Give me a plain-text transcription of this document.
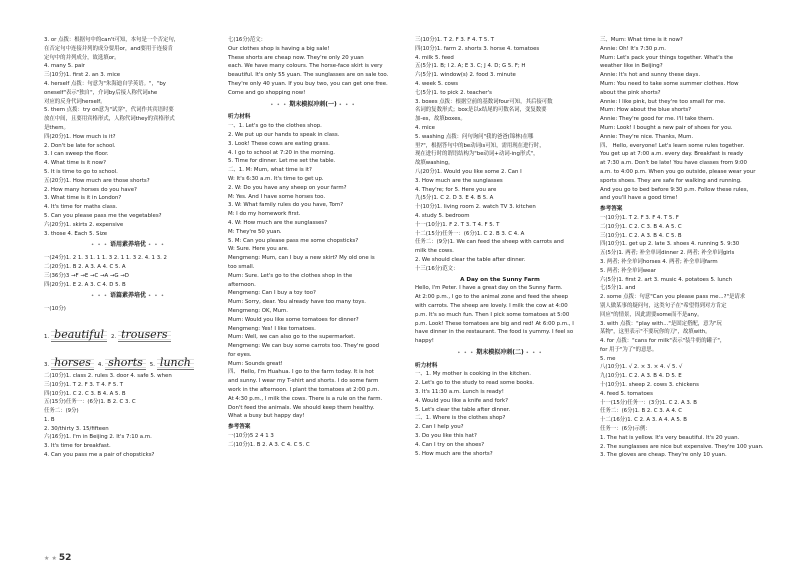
3. or 点拨：根据句中的can't可知，本句是一个否定句，
在否定句中连接并列的成分要用or，and要用于连接肯
定句中的并列成分，故选填or。
4. many 5. pair
三(10分)1. first 2. an 3. mice
4. herself 点拨：句意为"朱海迪自学英语。"，"by
oneself"表示"独自"，介词by后接人称代词she
对应的反身代词herself。
5. them 点拨：try on意为"试穿"，代词作其宾语时要
放在中间，且要用宾格形式，人称代词they的宾格形式
是them。
四(20分)1. How much is it?
2. Don't be late for school.
3. I can sweep the floor.
4. What time is it now?
5. It is time to go to school.
五(20分)1. How much are those shorts?
2. How many horses do you have?
3. What time is it in London?
4. It's time for maths class.
5. Can you please pass me the vegetables?
六(20分)1. skirts 2. expensive
3. those 4. Each 5. Size
• • • 语用素养培优 • • •
一(24分)1. 2 1. 3 1. 1 1. 3 2. 1 1. 3 2. 4. 1 3. 2
二(20分)1. B 2. A 3. A 4. C 5. A
三(36分)3 →F →E →C →A →G →D
四(20分)1. E 2. A 3. C 4. D 5. B
• • • 语篇素养培优 • • •
一(10分)
1. beautiful	2. trousers
3. horses	4. shorts	5. lunch
二(10分)1. class 2. rules 3. door 4. safe 5. when
三(10分)1. T 2. F 3. T 4. F 5. T
四(10分)1. C 2. C 3. B 4. A 5. B
五(15分)任务一：(6分)1. B 2. C 3. C
任务二：(9分)
1. B
2. 30/thirty 3. 15/fifteen
六(16分)1. I'm in Beijing 2. It's 7:10 a.m.
3. It's time for breakfast.
4. Can you pass me a pair of chopsticks?
七(16分)范文：
Our clothes shop is having a big sale!
These shorts are cheap now. They're only 20 yuan
each. We have many colours. The horse-face skirt is very
beautiful. It's only 55 yuan. The sunglasses are on sale too.
They're only 40 yuan. If you buy two, you can get one free.
Come and go shopping now!
• • • 期末模拟冲刺(一) • • •
听力材料
一、1. Let's go to the clothes shop.
2. We put up our hands to speak in class.
3. Look! These cows are eating grass.
4. I go to school at 7:20 in the morning.
5. Time for dinner. Let me set the table.
二、1. M: Mum, what time is it?
W: It's 6:30 a.m. It's time to get up.
2. W: Do you have any sheep on your farm?
M: Yes. And I have some horses too.
3. W: What family rules do you have, Tom?
M: I do my homework first.
4. W: How much are the sunglasses?
M: They're 50 yuan.
5. M: Can you please pass me some chopsticks?
W: Sure. Here you are.
Mengmeng: Mum, can I buy a new skirt? My old one is
too small.
Mum: Sure. Let's go to the clothes shop in the
afternoon.
Mengmeng: Can I buy a toy too?
Mum: Sorry, dear. You already have too many toys.
Mengmeng: OK, Mum.
Mum: Would you like some tomatoes for dinner?
Mengmeng: Yes! I like tomatoes.
Mum: Well, we can also go to the supermarket.
Mengmeng: We can buy some carrots too. They're good
for eyes.
Mum: Sounds great!
四、 Hello, I'm Huahua. I go to the farm today. It is hot
and sunny. I wear my T-shirt and shorts. I do some farm
work in the afternoon. I plant the tomatoes at 2:00 p.m.
At 4:30 p.m., I milk the cows. There is a rule on the farm.
Don't feed the animals. We should keep them healthy.
What a busy but happy day!
参考答案
一(10分)5 2 4 1 3
二(10分)1. B 2. A 3. C 4. C 5. C
三(10分)1. T 2. F 3. F 4. T 5. T
四(10分)1. farm 2. shorts 3. horse 4. tomatoes
4. milk 5. feed
五(5分)1. B; I 2. A; E 3. C; J 4. D; G 5. F; H
六(5分)1. window(s) 2. food 3. minute
4. week 5. cows
七(5分)1. to pick 2. teacher's
3. boxes 点拨：根据空前的基数词four可知，其后接可数
名词的复数形式；box是以x结尾的可数名词，变复数要
加-es，故填boxes。
4. mice
5. washing 点拨：问句询问"我的爸爸(锦林)在哪
里?"，根据答句中的be动词is可知，需用现在进行时，
现在进行时的谓语结构为"be动词+动词-ing形式"，
故填washing。
八(20分)1. Would you like some 2. Can I
3. How much are the sunglasses
4. They're; for 5. Here you are
九(5分)1. C 2. D 3. E 4. B 5. A
十(10分)1. living room 2. watch TV 3. kitchen
4. study 5. bedroom
十一(10分)1. F 2. T 3. T 4. F 5. T
十二(15分)任务一：(6分)1. C 2. B 3. C 4. A
任务二：(9分)1. We can feed the sheep with carrots and
milk the cows.
2. We should clear the table after dinner.
十三(16分)范文：
A Day on the Sunny Farm
Hello, I'm Peter. I have a great day on the Sunny Farm.
At 2:00 p.m., I go to the animal zone and feed the sheep
with carrots. The sheep are lovely. I milk the cow at 4:00
p.m. It's so much fun. Then I pick some tomatoes at 5:00
p.m. Look! These tomatoes are big and red! At 6:00 p.m., I
have dinner in the restaurant. The food is yummy. I feel so
happy!
• • • 期末模拟冲刺(二) • • •
听力材料
一、1. My mother is cooking in the kitchen.
2. Let's go to the study to read some books.
3. It's 11:30 a.m. Lunch is ready!
4. Would you like a knife and fork?
5. Let's clear the table after dinner.
二、1. Where is the clothes shop?
2. Can I help you?
3. Do you like this hat?
4. Can I try on the shoes?
5. How much are the shorts?
三、Mum: What time is it now?
Annie: Oh! It's 7:30 p.m.
Mum: Let's pack your things together. What's the
weather like in Beijing?
Annie: It's hot and sunny these days.
Mum: You need to take some summer clothes. How
about the pink shorts?
Annie: I like pink, but they're too small for me.
Mum: How about the blue shorts?
Annie: They're good for me. I'll take them.
Mum: Look! I bought a new pair of shoes for you.
Annie: They're nice. Thanks, Mum.
四、 Hello, everyone! Let's learn some rules together.
You get up at 7:00 a.m. every day. Breakfast is ready
at 7:30 a.m. Don't be late! You have classes from 9:00
a.m. to 4:00 p.m. When you go outside, please wear your
sports shoes. They are safe for walking and running.
And you go to bed before 9:30 p.m. Follow these rules,
and you'll have a good time!
参考答案
一(10分)1. T 2. F 3. F 4. T 5. F
二(10分)1. C 2. C 3. B 4. A 5. C
三(10分)1. C 2. A 3. B 4. C 5. B
四(10分)1. get up 2. late 3. shoes 4. running 5. 9:30
五(5分)1. 两者; 补全单词dinner 2. 两者; 补全单词girls
3. 两者; 补全单词horses 4. 两者; 补全单词farm
5. 两者; 补全单词wear
六(5分)1. first 2. art 3. music 4. potatoes 5. lunch
七(5分)1. and
2. some 点拨：句意"Can you please pass me...?"是请求
别人做某事的疑问句，这类句子在"希望得到对方肯定
回应"的情景，因此需要some而不是any。
3. with 点拨："play with..."是固定搭配，意为"玩
某物"，这里表示"不要玩你的刀"，故填with。
4. for 点拨："cans for milk"表示"装牛奶的罐子"，
for 用于"为了"的意思。
5. me
八(10分)1. √ 2. × 3. × 4. √ 5. √
九(10分)1. C 2. A 3. B 4. D 5. E
十(10分)1. sheep 2. cows 3. chickens
4. feed 5. tomatoes
十一(15分)任务一：(3分)1. C 2. A 3. B
任务二：(6分)1. B 2. C 3. A 4. C
十二(16分)1. C 2. A 3. A 4. A 5. B
任务一：(6分)示例：
1. The hat is yellow. It's very beautiful. It's 20 yuan.
2. The sunglasses are nice but expensive. They're 100 yuan.
3. The gloves are cheap. They're only 10 yuan.
★ ★ 52
